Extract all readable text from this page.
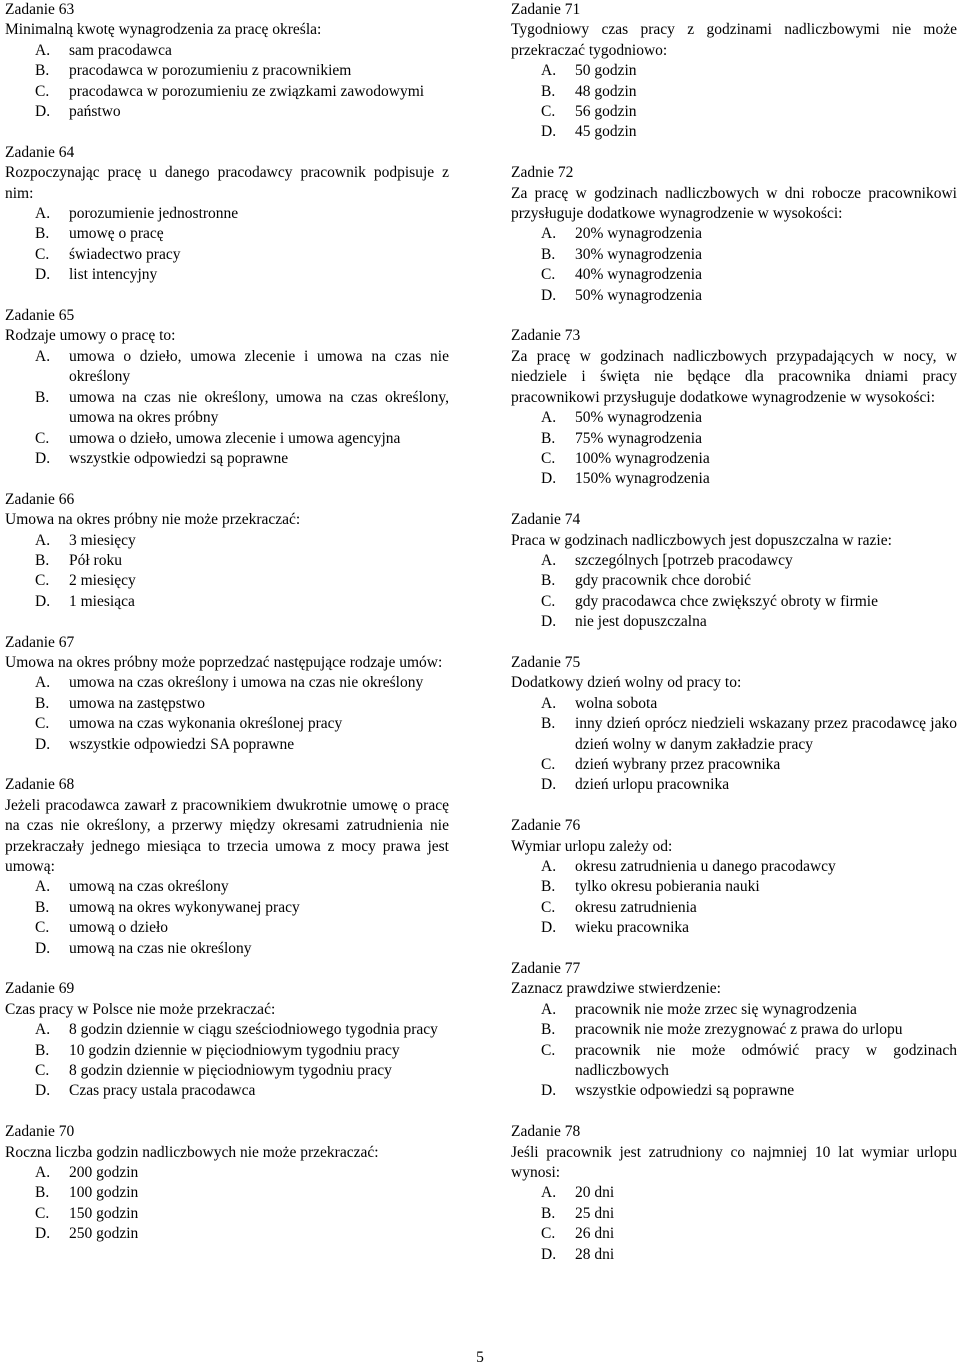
Zadanie 63

Minimalną kwotę wynagrodzenia za pracę określa:

A. sam pracodawca
B. pracodawca w porozumieniu z pracownikiem
C. pracodawca w porozumieniu ze związkami zawodowymi
D. państwo

Zadanie 64

Rozpoczynając pracę u danego pracodawcy pracownik podpisuje z nim:

A. porozumienie jednostronne
B. umowę o pracę
C. świadectwo pracy
D. list intencyjny

Zadanie 65

Rodzaje umowy o pracę to:

A. umowa o dzieło, umowa zlecenie i umowa na czas nie określony
B. umowa na czas nie określony, umowa na czas określony, umowa na okres próbny
C. umowa o dzieło, umowa zlecenie i umowa agencyjna
D. wszystkie odpowiedzi są poprawne

Zadanie 66

Umowa na okres próbny nie może przekraczać:

A. 3 miesięcy
B. Pół roku
C. 2 miesięcy
D. 1 miesiąca

Zadanie 67

Umowa na okres próbny może poprzedzać następujące rodzaje umów:

A. umowa na czas określony i umowa na czas nie określony
B. umowa na zastępstwo
C. umowa na czas wykonania określonej pracy
D. wszystkie odpowiedzi SA poprawne

Zadanie 68

Jeżeli pracodawca zawarł z pracownikiem dwukrotnie umowę o pracę na czas nie określony, a przerwy między okresami zatrudnienia nie przekraczały jednego miesiąca to trzecia umowa z mocy prawa jest umową:

A. umową na czas określony
B. umową na okres wykonywanej pracy
C. umową o dzieło
D. umową na czas nie określony

Zadanie 69

Czas pracy w Polsce nie może przekraczać:

A. 8 godzin dziennie w ciągu sześciodniowego tygodnia pracy
B. 10 godzin dziennie w pięciodniowym tygodniu pracy
C. 8 godzin dziennie w pięciodniowym tygodniu pracy
D. Czas pracy ustala pracodawca

Zadanie 70

Roczna liczba godzin nadliczbowych nie może przekraczać:

A. 200 godzin
B. 100 godzin
C. 150 godzin
D. 250 godzin

Zadanie 71

Tygodniowy czas pracy z godzinami nadliczbowymi nie może przekraczać tygodniowo:

A. 50 godzin
B. 48 godzin
C. 56 godzin
D. 45 godzin

Zadnie 72

Za pracę w godzinach nadliczbowych w dni robocze pracownikowi przysługuje dodatkowe wynagrodzenie w wysokości:

A. 20% wynagrodzenia
B. 30% wynagrodzenia
C. 40% wynagrodzenia
D. 50% wynagrodzenia

Zadanie 73

Za pracę w godzinach nadliczbowych przypadających w nocy, w niedziele i święta nie będące dla pracownika dniami pracy pracownikowi przysługuje dodatkowe wynagrodzenie w wysokości:

A. 50% wynagrodzenia
B. 75% wynagrodzenia
C. 100% wynagrodzenia
D. 150% wynagrodzenia

Zadanie 74

Praca w godzinach nadliczbowych jest dopuszczalna w razie:

A. szczególnych [potrzeb pracodawcy
B. gdy pracownik chce dorobić
C. gdy pracodawca chce zwiększyć obroty w firmie
D. nie jest dopuszczalna

Zadanie 75

Dodatkowy dzień wolny od pracy to:

A. wolna sobota
B. inny dzień oprócz niedzieli wskazany przez pracodawcę jako dzień wolny w danym zakładzie pracy
C. dzień wybrany przez pracownika
D. dzień urlopu pracownika

Zadanie 76

Wymiar urlopu zależy od:

A. okresu zatrudnienia u danego pracodawcy
B. tylko okresu pobierania nauki
C. okresu zatrudnienia
D. wieku pracownika

Zadanie 77

Zaznacz prawdziwe stwierdzenie:

A. pracownik nie może zrzec się wynagrodzenia
B. pracownik nie może zrezygnować z prawa do urlopu
C. pracownik nie może odmówić pracy w godzinach nadliczbowych
D. wszystkie odpowiedzi są poprawne

Zadanie 78

Jeśli pracownik jest zatrudniony co najmniej 10 lat wymiar urlopu wynosi:

A. 20 dni
B. 25 dni
C. 26 dni
D. 28 dni
5
